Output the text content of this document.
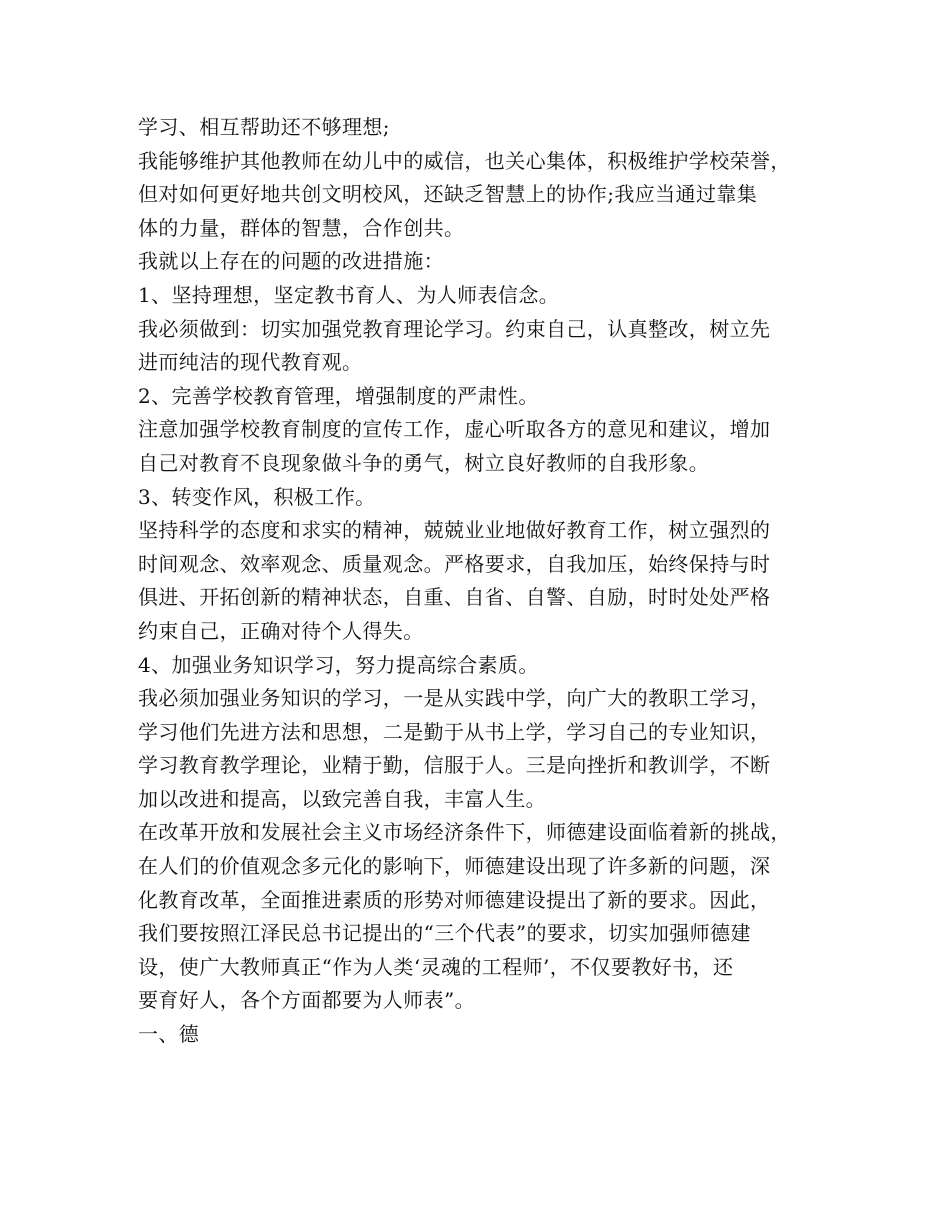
学习、相互帮助还不够理想;
我能够维护其他教师在幼儿中的威信，也关心集体，积极维护学校荣誉，
但对如何更好地共创文明校风，还缺乏智慧上的协作;我应当通过靠集
体的力量，群体的智慧，合作创共。
我就以上存在的问题的改进措施：
1、坚持理想，坚定教书育人、为人师表信念。
我必须做到：切实加强党教育理论学习。约束自己，认真整改，树立先
进而纯洁的现代教育观。
2、完善学校教育管理，增强制度的严肃性。
注意加强学校教育制度的宣传工作，虚心听取各方的意见和建议，增加
自己对教育不良现象做斗争的勇气，树立良好教师的自我形象。
3、转变作风，积极工作。
坚持科学的态度和求实的精神，兢兢业业地做好教育工作，树立强烈的
时间观念、效率观念、质量观念。严格要求，自我加压，始终保持与时
俱进、开拓创新的精神状态，自重、自省、自警、自励，时时处处严格
约束自己，正确对待个人得失。
4、加强业务知识学习，努力提高综合素质。
我必须加强业务知识的学习，一是从实践中学，向广大的教职工学习，
学习他们先进方法和思想，二是勤于从书上学，学习自己的专业知识，
学习教育教学理论，业精于勤，信服于人。三是向挫折和教训学，不断
加以改进和提高，以致完善自我，丰富人生。
在改革开放和发展社会主义市场经济条件下，师德建设面临着新的挑战，
在人们的价值观念多元化的影响下，师德建设出现了许多新的问题，深
化教育改革，全面推进素质的形势对师德建设提出了新的要求。因此，
我们要按照江泽民总书记提出的“三个代表”的要求，切实加强师德建
设，使广大教师真正“作为人类‘灵魂的工程师’，不仅要教好书，还
要育好人，各个方面都要为人师表”。
一、德
